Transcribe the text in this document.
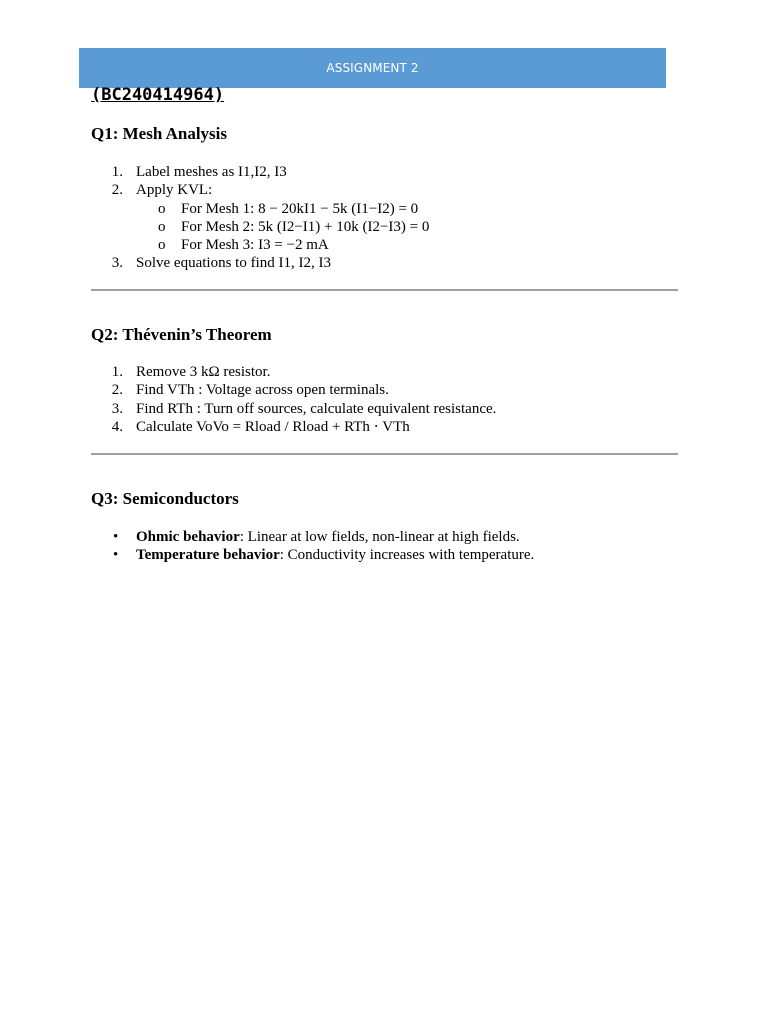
ASSIGNMENT 2
(BC240414964)
Q1: Mesh Analysis
1. Label meshes as I1,I2, I3
2. Apply KVL:
o	For Mesh 1: 8 − 20kI1 − 5k (I1−I2) = 0
o	For Mesh 2: 5k (I2−I1) + 10k (I2−I3) = 0
o	For Mesh 3: I3 = −2 mA
3. Solve equations to find I1, I2, I3
Q2: Thévenin’s Theorem
1. Remove 3 kΩ resistor.
2. Find VTh : Voltage across open terminals.
3. Find RTh : Turn off sources, calculate equivalent resistance.
4. Calculate VoVo = Rload / Rload + RTh ⋅ VTh
Q3: Semiconductors
•	Ohmic behavior: Linear at low fields, non-linear at high fields.
•	Temperature behavior: Conductivity increases with temperature.
